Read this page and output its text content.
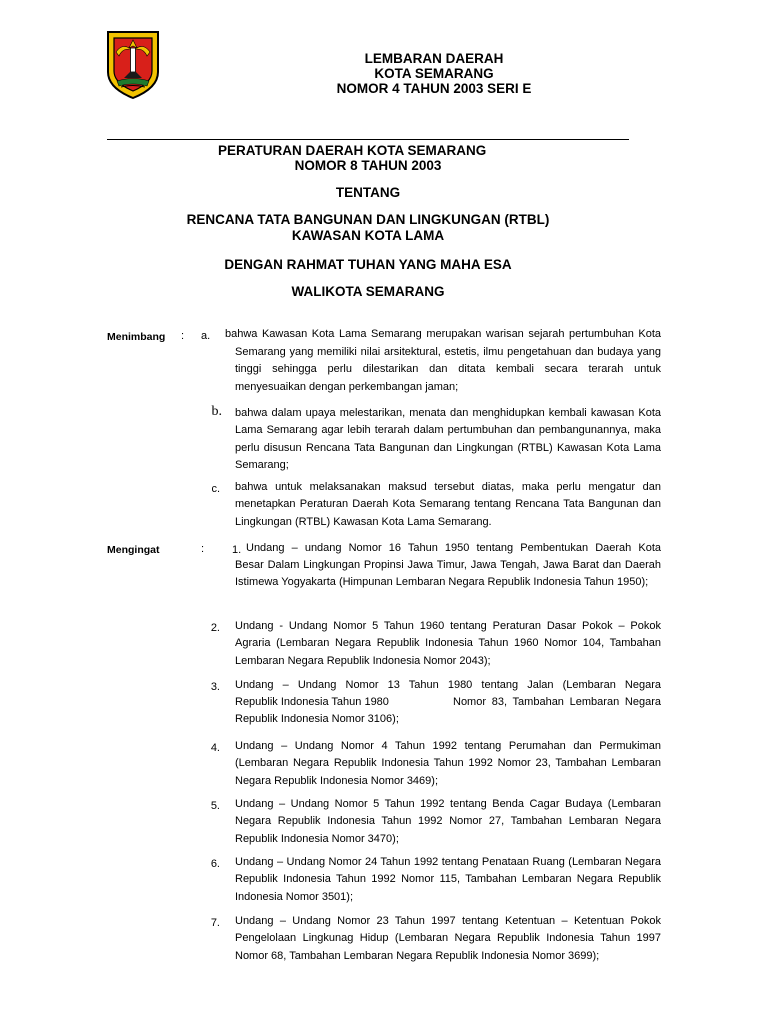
LEMBARAN DAERAH
KOTA SEMARANG
NOMOR 4 TAHUN 2003 SERI E
PERATURAN DAERAH KOTA SEMARANG
NOMOR 8 TAHUN 2003
TENTANG
RENCANA TATA BANGUNAN DAN LINGKUNGAN (RTBL)
KAWASAN KOTA LAMA
DENGAN RAHMAT TUHAN YANG MAHA ESA
WALIKOTA SEMARANG
Menimbang : a.	bahwa Kawasan Kota Lama Semarang merupakan warisan sejarah pertumbuhan Kota
Semarang yang memiliki nilai arsitektural, estetis, ilmu pengetahuan dan budaya yang tinggi sehingga perlu dilestarikan dan ditata kembali secara terarah untuk menyesuaikan dengan perkembangan jaman;
b. bahwa dalam upaya melestarikan, menata dan menghidupkan kembali kawasan Kota Lama Semarang agar lebih terarah dalam pertumbuhan dan pembangunannya, maka perlu disusun Rencana Tata Bangunan dan Lingkungan (RTBL) Kawasan Kota Lama Semarang;
c. bahwa untuk melaksanakan maksud tersebut diatas, maka perlu mengatur dan menetapkan Peraturan Daerah Kota Semarang tentang Rencana Tata Bangunan dan Lingkungan (RTBL) Kawasan Kota Lama Semarang.
Mengingat	:	1. Undang – undang Nomor 16 Tahun 1950 tentang Pembentukan Daerah Kota
Besar Dalam Lingkungan Propinsi Jawa Timur, Jawa Tengah, Jawa Barat dan Daerah Istimewa Yogyakarta (Himpunan Lembaran Negara Republik Indonesia Tahun 1950);
2. Undang - Undang Nomor 5 Tahun 1960 tentang Peraturan Dasar Pokok – Pokok Agraria (Lembaran Negara Republik Indonesia Tahun 1960 Nomor 104, Tambahan Lembaran Negara Republik Indonesia Nomor 2043);
3. Undang – Undang Nomor 13 Tahun 1980 tentang Jalan (Lembaran Negara
Republik Indonesia Tahun 1980	Nomor 83, Tambahan Lembaran Negara
Republik Indonesia Nomor 3106);
4. Undang – Undang Nomor 4 Tahun 1992 tentang Perumahan dan Permukiman (Lembaran Negara Republik Indonesia Tahun 1992 Nomor 23, Tambahan Lembaran Negara Republik Indonesia Nomor 3469);
5. Undang – Undang Nomor 5 Tahun 1992 tentang Benda Cagar Budaya (Lembaran Negara Republik Indonesia Tahun 1992 Nomor 27, Tambahan Lembaran Negara Republik Indonesia Nomor 3470);
6. Undang – Undang Nomor 24 Tahun 1992 tentang Penataan Ruang (Lembaran Negara Republik Indonesia Tahun 1992 Nomor 115, Tambahan Lembaran Negara Republik Indonesia Nomor 3501);
7. Undang – Undang Nomor 23 Tahun 1997 tentang Ketentuan – Ketentuan Pokok Pengelolaan Lingkunag Hidup (Lembaran Negara Republik Indonesia Tahun 1997 Nomor 68, Tambahan Lembaran Negara Republik Indonesia Nomor 3699);
